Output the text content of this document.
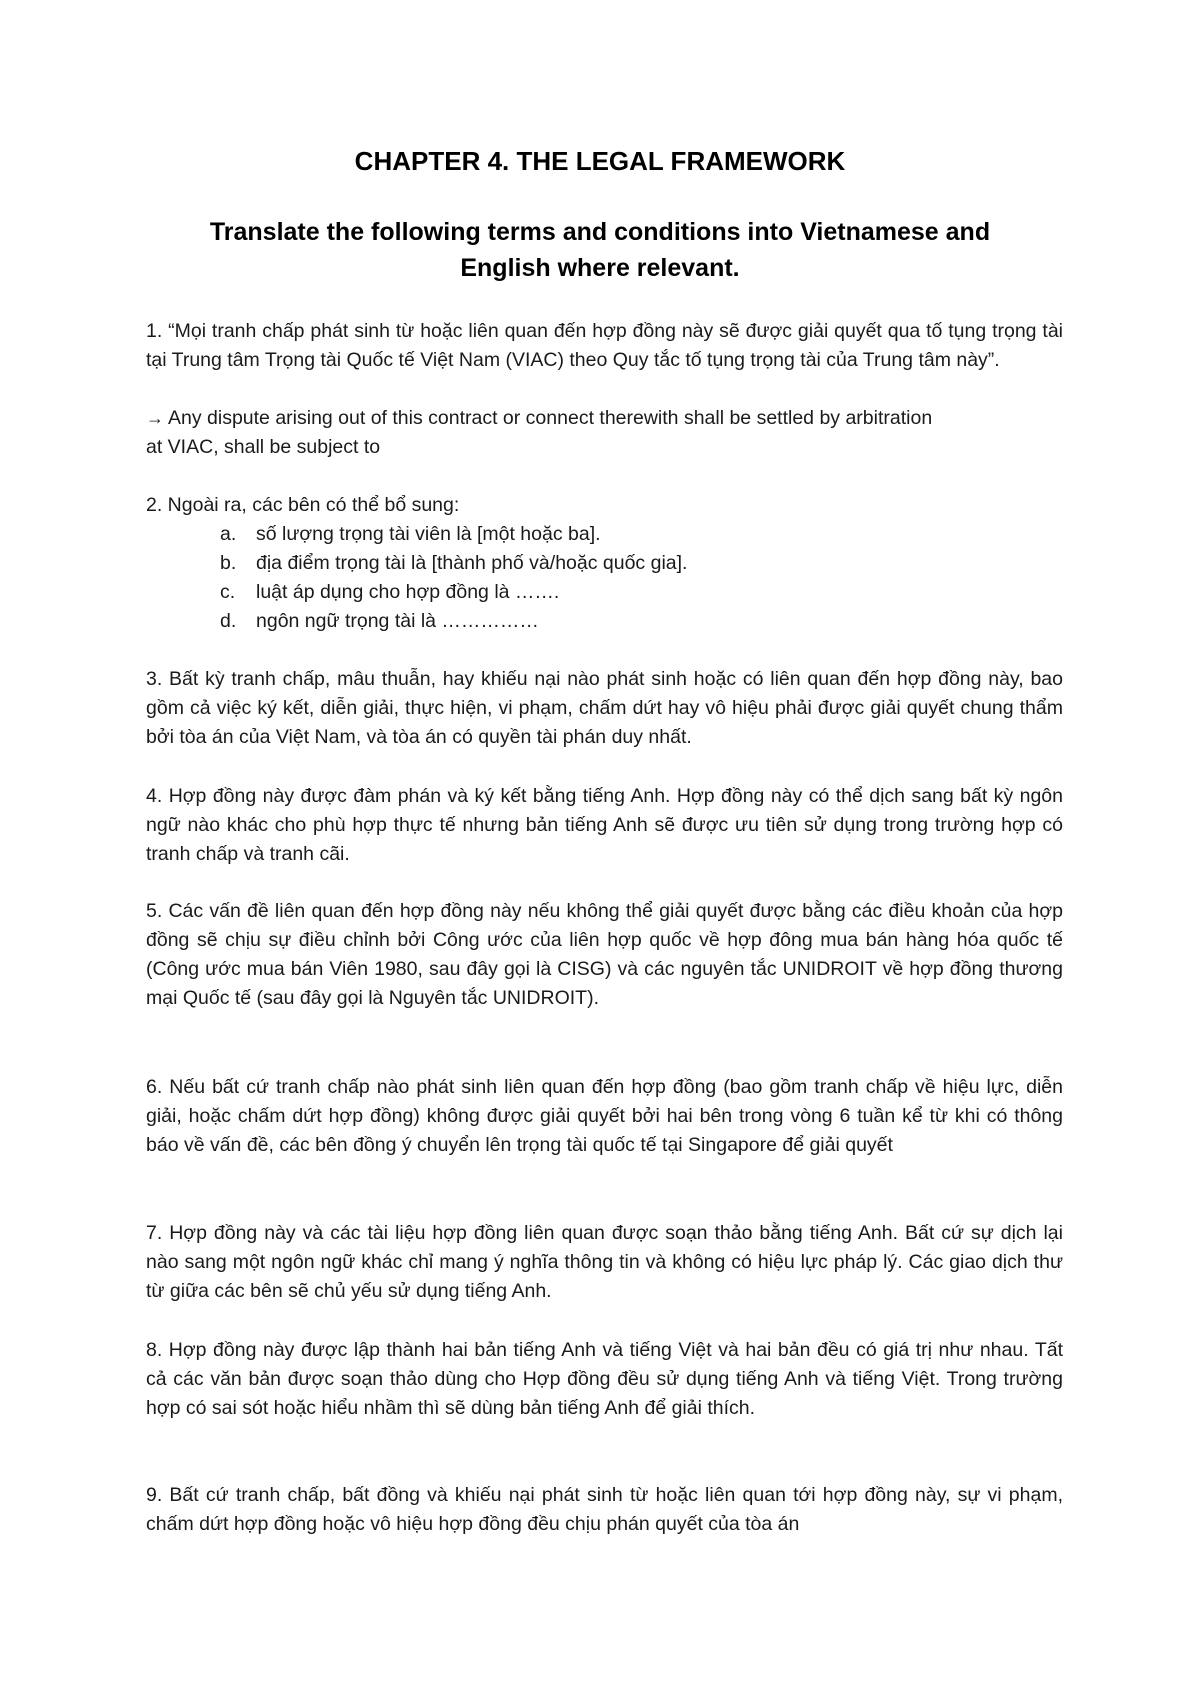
CHAPTER 4. THE LEGAL FRAMEWORK
Translate the following terms and conditions into Vietnamese and
English where relevant.
1. “Mọi tranh chấp phát sinh từ hoặc liên quan đến hợp đồng này sẽ được giải quyết qua tố tụng trọng tài tại Trung tâm Trọng tài Quốc tế Việt Nam (VIAC) theo Quy tắc tố tụng trọng tài của Trung tâm này”.
→ Any dispute arising out of this contract or connect therewith shall be settled by arbitration
at VIAC, shall be subject to
2. Ngoài ra, các bên có thể bổ sung:
a. số lượng trọng tài viên là [một hoặc ba].
b. địa điểm trọng tài là [thành phố và/hoặc quốc gia].
c. luật áp dụng cho hợp đồng là …….
d. ngôn ngữ trọng tài là ……………
3. Bất kỳ tranh chấp, mâu thuẫn, hay khiếu nại nào phát sinh hoặc có liên quan đến hợp đồng này, bao gồm cả việc ký kết, diễn giải, thực hiện, vi phạm, chấm dứt hay vô hiệu phải được giải quyết chung thẩm bởi tòa án của Việt Nam, và tòa án có quyền tài phán duy nhất.
4. Hợp đồng này được đàm phán và ký kết bằng tiếng Anh. Hợp đồng này có thể dịch sang bất kỳ ngôn ngữ nào khác cho phù hợp thực tế nhưng bản tiếng Anh sẽ được ưu tiên sử dụng trong trường hợp có tranh chấp và tranh cãi.
5. Các vấn đề liên quan đến hợp đồng này nếu không thể giải quyết được bằng các điều khoản của hợp đồng sẽ chịu sự điều chỉnh bởi Công ước của liên hợp quốc về hợp đông mua bán hàng hóa quốc tế (Công ước mua bán Viên 1980, sau đây gọi là CISG) và các nguyên tắc UNIDROIT về hợp đồng thương mại Quốc tế (sau đây gọi là Nguyên tắc UNIDROIT).
6. Nếu bất cứ tranh chấp nào phát sinh liên quan đến hợp đồng (bao gồm tranh chấp về hiệu lực, diễn giải, hoặc chấm dứt hợp đồng) không được giải quyết bởi hai bên trong vòng 6 tuần kể từ khi có thông báo về vấn đề, các bên đồng ý chuyển lên trọng tài quốc tế tại Singapore để giải quyết
7. Hợp đồng này và các tài liệu hợp đồng liên quan được soạn thảo bằng tiếng Anh. Bất cứ sự dịch lại nào sang một ngôn ngữ khác chỉ mang ý nghĩa thông tin và không có hiệu lực pháp lý. Các giao dịch thư từ giữa các bên sẽ chủ yếu sử dụng tiếng Anh.
8. Hợp đồng này được lập thành hai bản tiếng Anh và tiếng Việt và hai bản đều có giá trị như nhau. Tất cả các văn bản được soạn thảo dùng cho Hợp đồng đều sử dụng tiếng Anh và tiếng Việt. Trong trường hợp có sai sót hoặc hiểu nhầm thì sẽ dùng bản tiếng Anh để giải thích.
9. Bất cứ tranh chấp, bất đồng và khiếu nại phát sinh từ hoặc liên quan tới hợp đồng này, sự vi phạm, chấm dứt hợp đồng hoặc vô hiệu hợp đồng đều chịu phán quyết của tòa án
